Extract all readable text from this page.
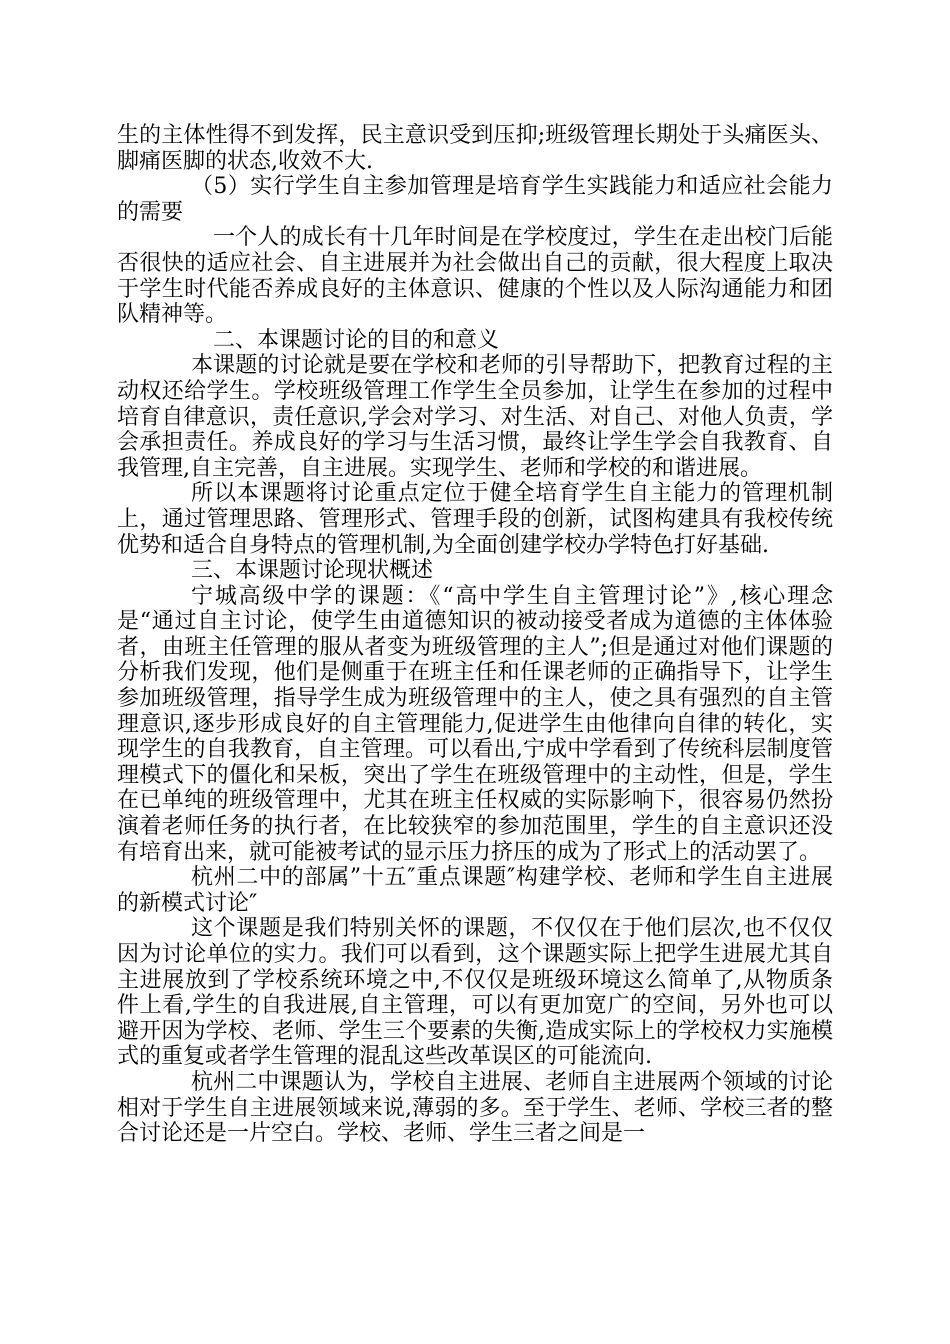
生的主体性得不到发挥，民主意识受到压抑;班级管理长期处于头痛医头、脚痛医脚的状态,收效不大.

（5）实行学生自主参加管理是培育学生实践能力和适应社会能力的需要

一个人的成长有十几年时间是在学校度过，学生在走出校门后能否很快的适应社会、自主进展并为社会做出自己的贡献，很大程度上取决于学生时代能否养成良好的主体意识、健康的个性以及人际沟通能力和团队精神等。

二、本课题讨论的目的和意义

本课题的讨论就是要在学校和老师的引导帮助下，把教育过程的主动权还给学生。学校班级管理工作学生全员参加，让学生在参加的过程中培育自律意识，责任意识,学会对学习、对生活、对自己、对他人负责，学会承担责任。养成良好的学习与生活习惯，最终让学生学会自我教育、自我管理,自主完善，自主进展。实现学生、老师和学校的和谐进展。

所以本课题将讨论重点定位于健全培育学生自主能力的管理机制上，通过管理思路、管理形式、管理手段的创新，试图构建具有我校传统优势和适合自身特点的管理机制,为全面创建学校办学特色打好基础.

三、本课题讨论现状概述

宁城高级中学的课题：《“高中学生自主管理讨论”》,核心理念是“通过自主讨论，使学生由道德知识的被动接受者成为道德的主体体验者，由班主任管理的服从者变为班级管理的主人”;但是通过对他们课题的分析我们发现，他们是侧重于在班主任和任课老师的正确指导下，让学生参加班级管理，指导学生成为班级管理中的主人，使之具有强烈的自主管理意识,逐步形成良好的自主管理能力,促进学生由他律向自律的转化，实现学生的自我教育，自主管理。可以看出,宁成中学看到了传统科层制度管理模式下的僵化和呆板，突出了学生在班级管理中的主动性，但是，学生在已单纯的班级管理中，尤其在班主任权威的实际影响下，很容易仍然扮演着老师任务的执行者，在比较狭窄的参加范围里，学生的自主意识还没有培育出来，就可能被考试的显示压力挤压的成为了形式上的活动罢了。

杭州二中的部属”十五″重点课题″构建学校、老师和学生自主进展的新模式讨论″

这个课题是我们特别关怀的课题，不仅仅在于他们层次,也不仅仅因为讨论单位的实力。我们可以看到，这个课题实际上把学生进展尤其自主进展放到了学校系统环境之中,不仅仅是班级环境这么简单了,从物质条件上看,学生的自我进展,自主管理，可以有更加宽广的空间，另外也可以避开因为学校、老师、学生三个要素的失衡,造成实际上的学校权力实施模式的重复或者学生管理的混乱这些改革误区的可能流向.

杭州二中课题认为，学校自主进展、老师自主进展两个领域的讨论相对于学生自主进展领域来说,薄弱的多。至于学生、老师、学校三者的整合讨论还是一片空白。学校、老师、学生三者之间是一
